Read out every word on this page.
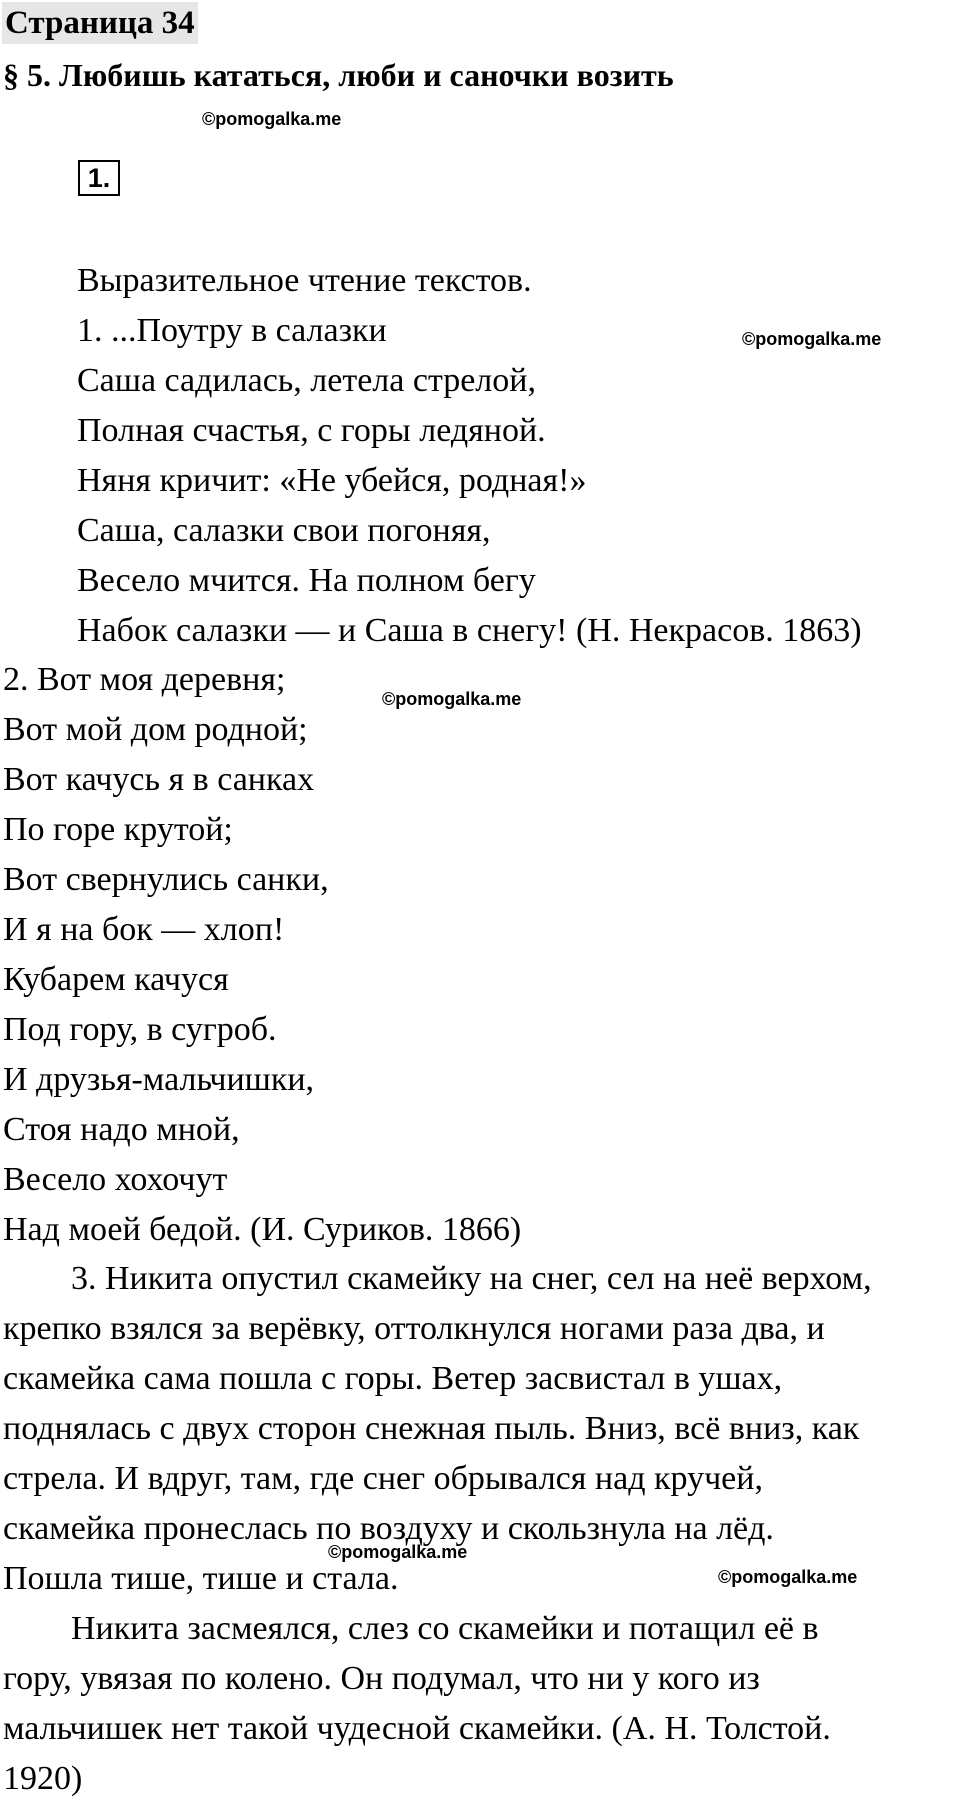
Страница 34
§ 5. Любишь кататься, люби и саночки возить
©pomogalka.me
©pomogalka.me
©pomogalka.me
©pomogalka.me
©pomogalka.me
1.
Выразительное чтение текстов.
1. ...Поутру в салазки
Саша садилась, летела стрелой,
Полная счастья, с горы ледяной.
Няня кричит: «Не убейся, родная!»
Саша, салазки свои погоняя,
Весело мчится. На полном бегу
Набок салазки — и Саша в снегу! (Н. Некрасов. 1863)
2. Вот моя деревня;
Вот мой дом родной;
Вот качусь я в санках
По горе крутой;
Вот свернулись санки,
И я на бок — хлоп!
Кубарем качуся
Под гору, в сугроб.
И друзья-мальчишки,
Стоя надо мной,
Весело хохочут
Над моей бедой. (И. Суриков. 1866)
3. Никита опустил скамейку на снег, сел на неё верхом,
крепко взялся за верёвку, оттолкнулся ногами раза два, и
скамейка сама пошла с горы. Ветер засвистал в ушах,
поднялась с двух сторон снежная пыль. Вниз, всё вниз, как
стрела. И вдруг, там, где снег обрывался над кручей,
скамейка пронеслась по воздуху и скользнула на лёд.
Пошла тише, тише и стала.
Никита засмеялся, слез со скамейки и потащил её в
гору, увязая по колено. Он подумал, что ни у кого из
мальчишек нет такой чудесной скамейки. (А. Н. Толстой.
1920)
